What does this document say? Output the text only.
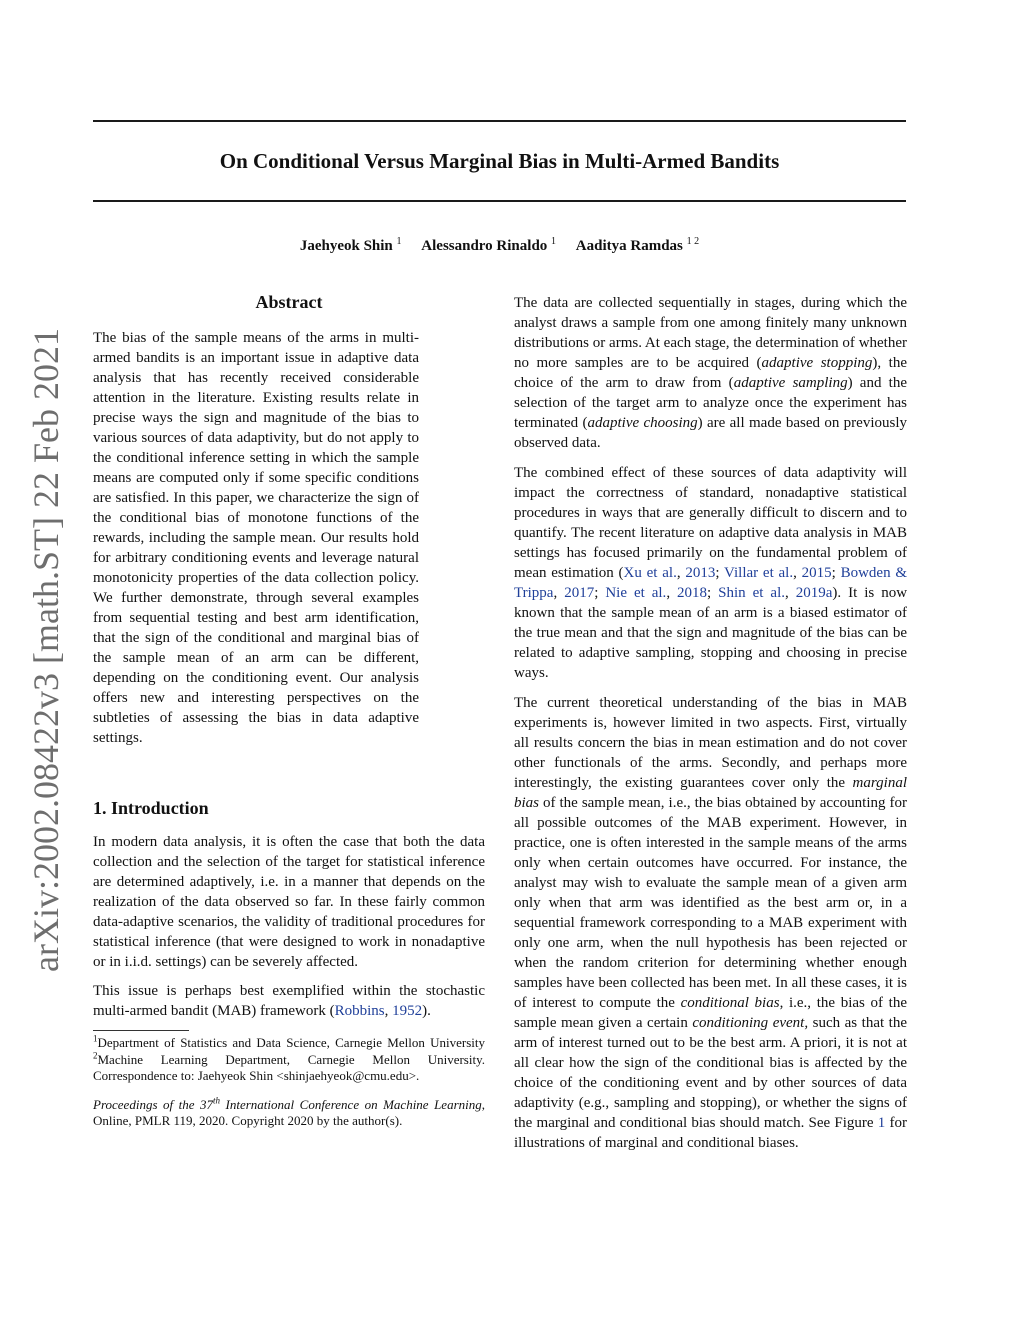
arXiv:2002.08422v3 [math.ST] 22 Feb 2021
On Conditional Versus Marginal Bias in Multi-Armed Bandits
Jaehyeok Shin $^1$ Alessandro Rinaldo $^1$ Aaditya Ramdas $^{1 2}$
Abstract

The bias of the sample means of the arms in multi-armed bandits is an important issue in adaptive data analysis that has recently received considerable attention in the literature. Existing results relate in precise ways the sign and magnitude of the bias to various sources of data adaptivity, but do not apply to the conditional inference setting in which the sample means are computed only if some specific conditions are satisfied. In this paper, we characterize the sign of the conditional bias of monotone functions of the rewards, including the sample mean. Our results hold for arbitrary conditioning events and leverage natural monotonicity properties of the data collection policy. We further demonstrate, through several examples from sequential testing and best arm identification, that the sign of the conditional and marginal bias of the sample mean of an arm can be different, depending on the conditioning event. Our analysis offers new and interesting perspectives on the subtleties of assessing the bias in data adaptive settings.

1. Introduction

In modern data analysis, it is often the case that both the data collection and the selection of the target for statistical inference are determined adaptively, i.e. in a manner that depends on the realization of the data observed so far. In these fairly common data-adaptive scenarios, the validity of traditional procedures for statistical inference (that were designed to work in nonadaptive or in i.i.d. settings) can be severely affected.

This issue is perhaps best exemplified within the stochastic multi-armed bandit (MAB) framework (Robbins, 1952).

$^1$Department of Statistics and Data Science, Carnegie Mellon University $^2$Machine Learning Department, Carnegie Mellon University. Correspondence to: Jaehyeok Shin <shinjaehyeok@cmu.edu>.

Proceedings of the 37th International Conference on Machine Learning, Online, PMLR 119, 2020. Copyright 2020 by the author(s).

The data are collected sequentially in stages, during which the analyst draws a sample from one among finitely many unknown distributions or arms. At each stage, the determination of whether no more samples are to be acquired (adaptive stopping), the choice of the arm to draw from (adaptive sampling) and the selection of the target arm to analyze once the experiment has terminated (adaptive choosing) are all made based on previously observed data.

The combined effect of these sources of data adaptivity will impact the correctness of standard, nonadaptive statistical procedures in ways that are generally difficult to discern and to quantify. The recent literature on adaptive data analysis in MAB settings has focused primarily on the fundamental problem of mean estimation (Xu et al., 2013; Villar et al., 2015; Bowden & Trippa, 2017; Nie et al., 2018; Shin et al., 2019a). It is now known that the sample mean of an arm is a biased estimator of the true mean and that the sign and magnitude of the bias can be related to adaptive sampling, stopping and choosing in precise ways.

The current theoretical understanding of the bias in MAB experiments is, however limited in two aspects. First, virtually all results concern the bias in mean estimation and do not cover other functionals of the arms. Secondly, and perhaps more interestingly, the existing guarantees cover only the marginal bias of the sample mean, i.e., the bias obtained by accounting for all possible outcomes of the MAB experiment. However, in practice, one is often interested in the sample means of the arms only when certain outcomes have occurred. For instance, the analyst may wish to evaluate the sample mean of a given arm only when that arm was identified as the best arm or, in a sequential framework corresponding to a MAB experiment with only one arm, when the null hypothesis has been rejected or when the random criterion for determining whether enough samples have been collected has been met. In all these cases, it is of interest to compute the conditional bias, i.e., the bias of the sample mean given a certain conditioning event, such as that the arm of interest turned out to be the best arm. A priori, it is not at all clear how the sign of the conditional bias is affected by the choice of the conditioning event and by other sources of data adaptivity (e.g., sampling and stopping), or whether the signs of the marginal and conditional bias should match. See Figure 1 for illustrations of marginal and conditional biases.
